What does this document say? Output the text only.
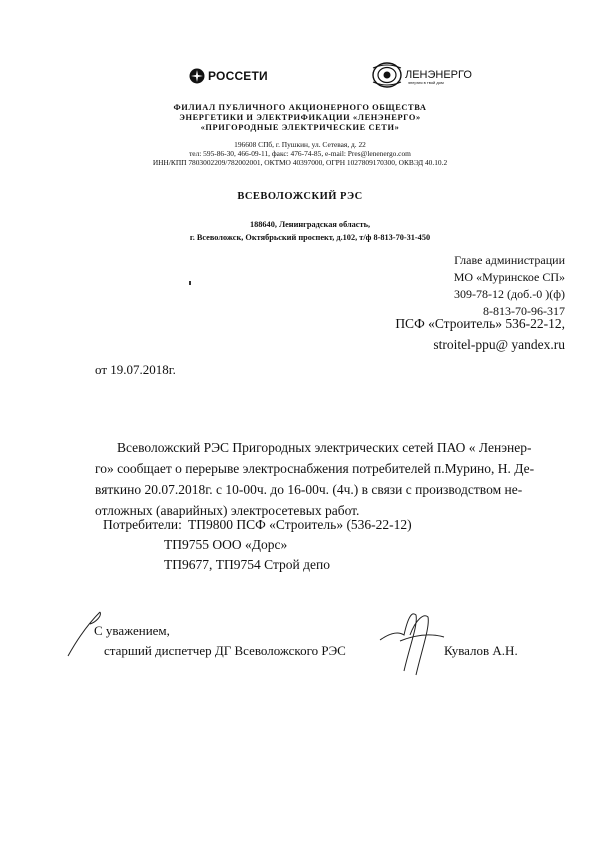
РОССЕТИ	ЛЕНЭНЕРГО
энергия в твой дом
ФИЛИАЛ ПУБЛИЧНОГО АКЦИОНЕРНОГО ОБЩЕСТВА
ЭНЕРГЕТИКИ И ЭЛЕКТРИФИКАЦИИ «ЛЕНЭНЕРГО»
«ПРИГОРОДНЫЕ ЭЛЕКТРИЧЕСКИЕ СЕТИ»
196608 СПб, г. Пушкин, ул. Сетевая, д. 22
тел: 595-86-30, 466-09-11, факс: 476-74-85, e-mail: Pres@lenenergo.com
ИНН/КПП 7803002209/782002001, ОКТМО 40397000, ОГРН 1027809170300, ОКВЭД 40.10.2
ВСЕВОЛОЖСКИЙ РЭС
188640, Ленинградская область,
г. Всеволожск, Октябрьский проспект, д.102, т/ф 8-813-70-31-450
Главе администрации
МО «Муринское СП»
309-78-12 (доб.-0 )(ф)
8-813-70-96-317
ПСФ «Строитель» 536-22-12,
stroitel-ppu@ yandex.ru
от 19.07.2018г.

Всеволожский РЭС Пригородных электрических сетей ПАО « Ленэнер-

го» сообщает о перерыве электроснабжения потребителей п.Мурино, Н. Де-

вяткино 20.07.2018г. с 10-00ч. до 16-00ч. (4ч.) в связи с производством не-

отложных (аварийных) электросетевых работ.

Потребители: ТП9800 ПСФ «Строитель» (536-22-12)
ТП9755 ООО «Дорс»
ТП9677, ТП9754 Строй депо
С уважением,
старший диспетчер ДГ Всеволожского РЭС	Кувалов А.Н.
